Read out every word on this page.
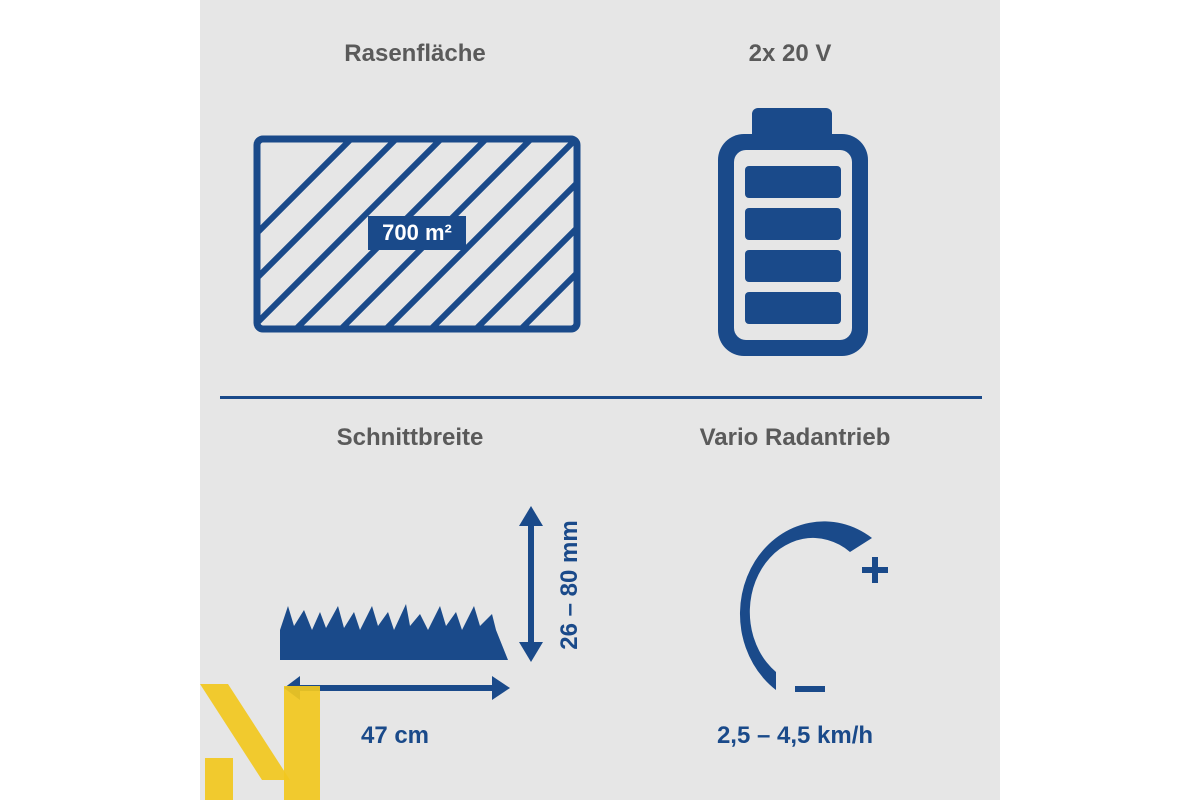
Rasenfläche
700 m²
2x 20 V
Schnittbreite
26 – 80 mm
47 cm
Vario Radantrieb
2,5 – 4,5 km/h
